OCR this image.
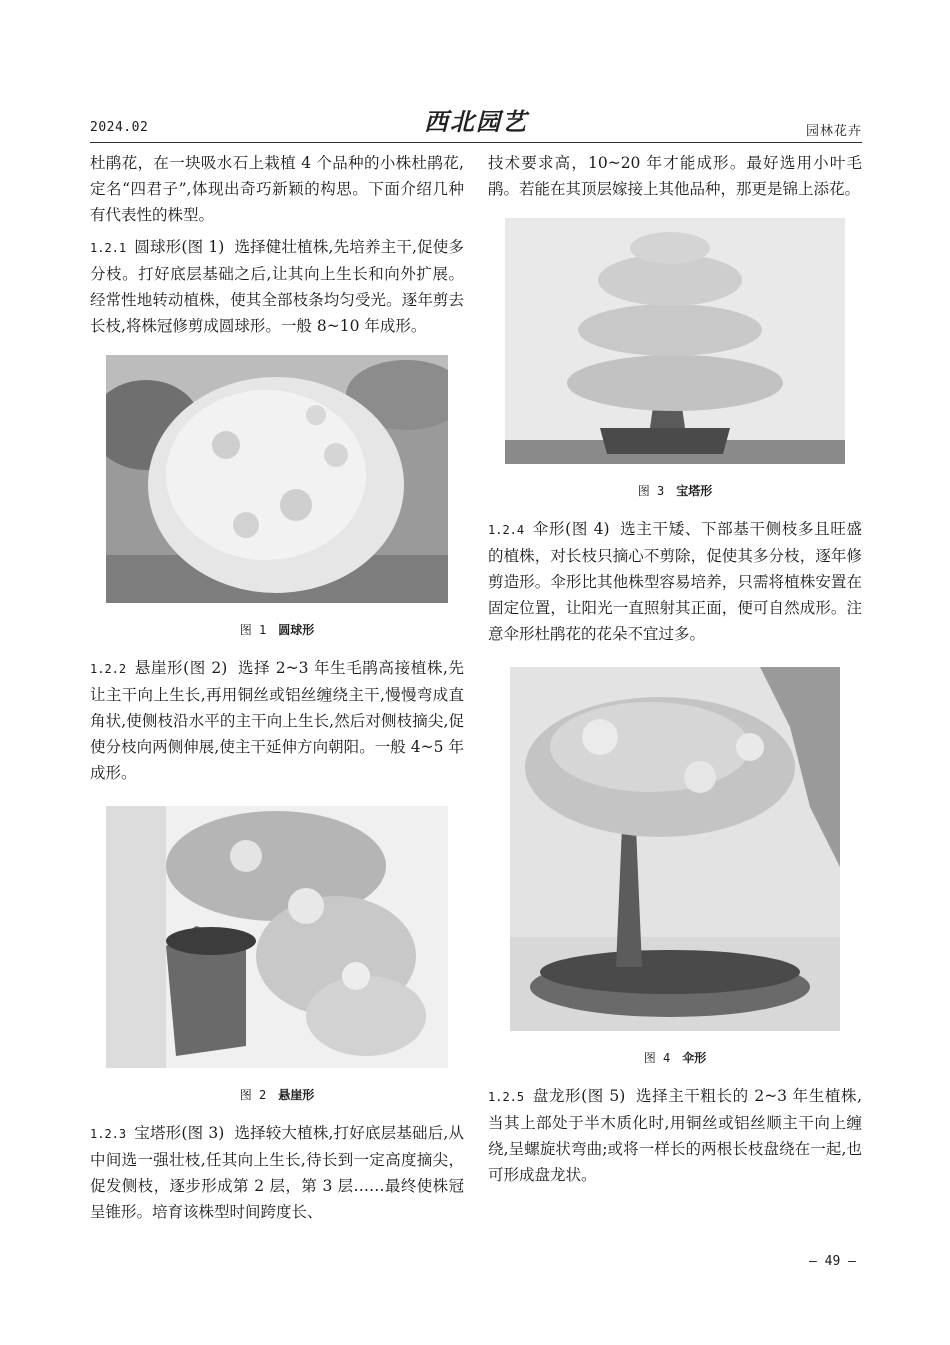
2024.02	西北园艺	园林花卉

杜鹃花，在一块吸水石上栽植 4 个品种的小株杜鹃花,定名“四君子”,体现出奇巧新颖的构思。下面介绍几种有代表性的株型。

1.2.1 圆球形(图 1) 选择健壮植株,先培养主干,促使多分枝。打好底层基础之后,让其向上生长和向外扩展。经常性地转动植株，使其全部枝条均匀受光。逐年剪去长枝,将株冠修剪成圆球形。一般 8~10 年成形。

图 1 圆球形

1.2.2 悬崖形(图 2) 选择 2~3 年生毛鹃高接植株,先让主干向上生长,再用铜丝或铝丝缠绕主干,慢慢弯成直角状,使侧枝沿水平的主干向上生长,然后对侧枝摘尖,促使分枝向两侧伸展,使主干延伸方向朝阳。一般 4~5 年成形。

图 2 悬崖形

1.2.3 宝塔形(图 3) 选择较大植株,打好底层基础后,从中间选一强壮枝,任其向上生长,待长到一定高度摘尖，促发侧枝，逐步形成第 2 层，第 3 层……最终使株冠呈锥形。培育该株型时间跨度长、

技术要求高，10~20 年才能成形。最好选用小叶毛鹃。若能在其顶层嫁接上其他品种，那更是锦上添花。

图 3 宝塔形

1.2.4 伞形(图 4) 选主干矮、下部基干侧枝多且旺盛的植株，对长枝只摘心不剪除，促使其多分枝，逐年修剪造形。伞形比其他株型容易培养，只需将植株安置在固定位置，让阳光一直照射其正面，便可自然成形。注意伞形杜鹃花的花朵不宜过多。

图 4 伞形

1.2.5 盘龙形(图 5) 选择主干粗长的 2~3 年生植株,当其上部处于半木质化时,用铜丝或铝丝顺主干向上缠绕,呈螺旋状弯曲;或将一样长的两根长枝盘绕在一起,也可形成盘龙状。

— 49 —
